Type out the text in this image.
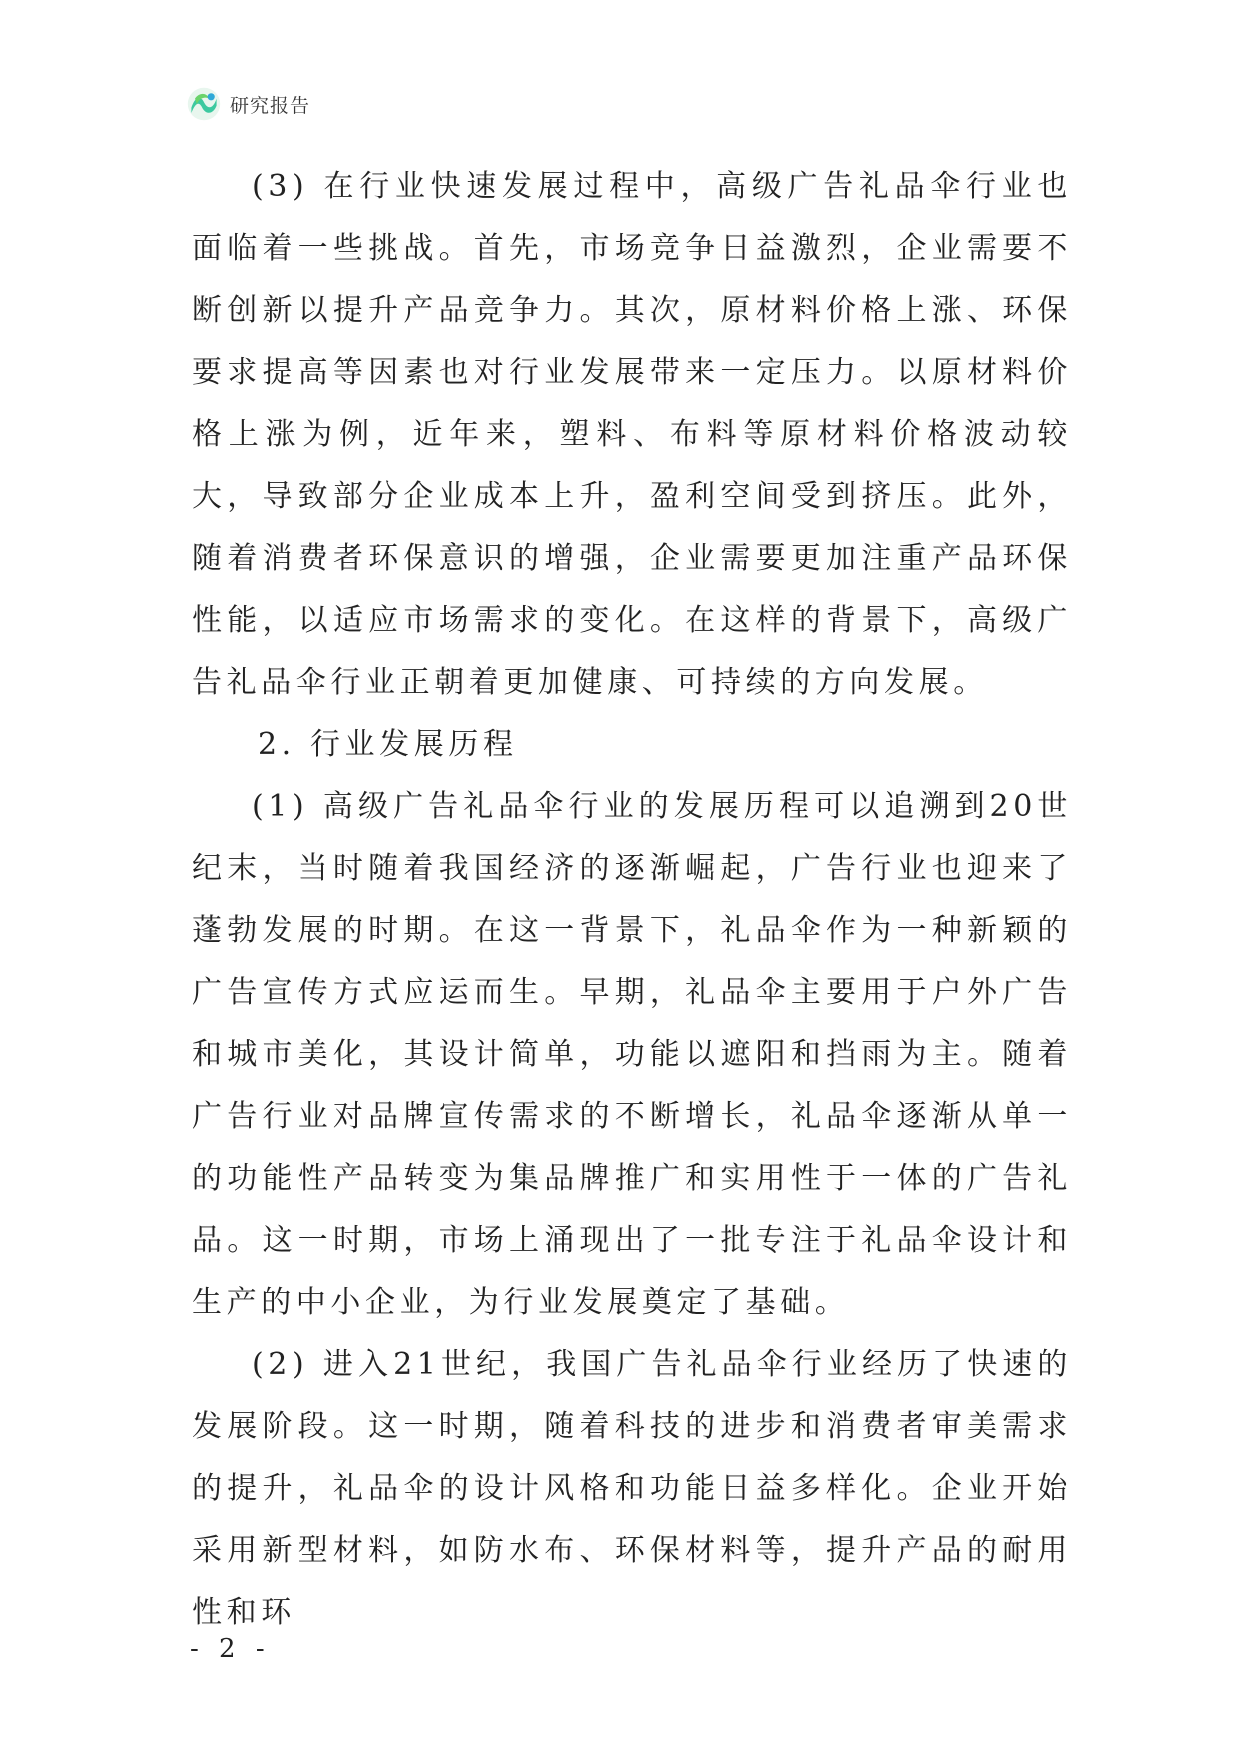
研究报告

(3) 在行业快速发展过程中，高级广告礼品伞行业也面临着一些挑战。首先，市场竞争日益激烈，企业需要不断创新以提升产品竞争力。其次，原材料价格上涨、环保要求提高等因素也对行业发展带来一定压力。以原材料价格上涨为例，近年来，塑料、布料等原材料价格波动较大，导致部分企业成本上升，盈利空间受到挤压。此外，随着消费者环保意识的增强，企业需要更加注重产品环保性能，以适应市场需求的变化。在这样的背景下，高级广告礼品伞行业正朝着更加健康、可持续的方向发展。

2. 行业发展历程

(1) 高级广告礼品伞行业的发展历程可以追溯到20世纪末，当时随着我国经济的逐渐崛起，广告行业也迎来了蓬勃发展的时期。在这一背景下，礼品伞作为一种新颖的广告宣传方式应运而生。早期，礼品伞主要用于户外广告和城市美化，其设计简单，功能以遮阳和挡雨为主。随着广告行业对品牌宣传需求的不断增长，礼品伞逐渐从单一的功能性产品转变为集品牌推广和实用性于一体的广告礼品。这一时期，市场上涌现出了一批专注于礼品伞设计和生产的中小企业，为行业发展奠定了基础。

(2) 进入21世纪，我国广告礼品伞行业经历了快速的发展阶段。这一时期，随着科技的进步和消费者审美需求的提升，礼品伞的设计风格和功能日益多样化。企业开始采用新型材料，如防水布、环保材料等，提升产品的耐用性和环

- 2 -
